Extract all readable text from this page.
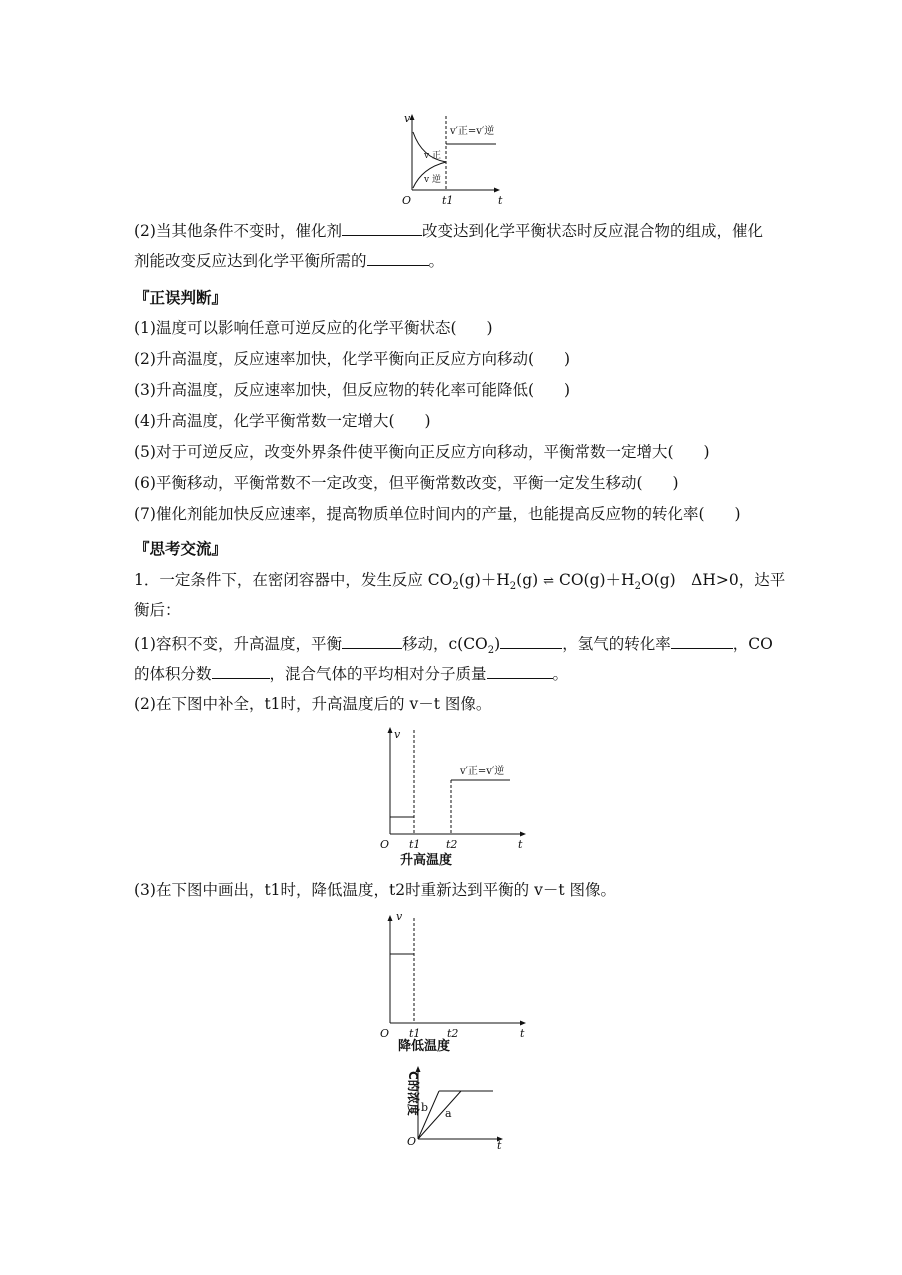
v
O	t
t1
v 正
v 逆
v′正=v′逆
(2)当其他条件不变时，催化剂	改变达到化学平衡状态时反应混合物的组成，催化
剂能改变反应达到化学平衡所需的	。
『正误判断』
(1)温度可以影响任意可逆反应的化学平衡状态( )
(2)升高温度，反应速率加快，化学平衡向正反应方向移动( )
(3)升高温度，反应速率加快，但反应物的转化率可能降低( )
(4)升高温度，化学平衡常数一定增大( )
(5)对于可逆反应，改变外界条件使平衡向正反应方向移动，平衡常数一定增大( )
(6)平衡移动，平衡常数不一定改变，但平衡常数改变，平衡一定发生移动( )
(7)催化剂能加快反应速率，提高物质单位时间内的产量，也能提高反应物的转化率( )
『思考交流』
1．一定条件下，在密闭容器中，发生反应 $CO_2(g)+H_2(g)$ ⇌ $CO(g)+H_2O(g)$　ΔH>0，达平
衡后：
(1)容积不变，升高温度，平衡	移动，$c(CO_2)$	，氢气的转化率	，CO
的体积分数	，混合气体的平均相对分子质量	。
(2)在下图中补全，t1时，升高温度后的 v－t 图像。
v
O	t
t1 t2
v′正=v′逆
升高温度
(3)在下图中画出，t1时，降低温度，t2时重新达到平衡的 v－t 图像。
v
O	t
t1 t2
降低温度
C的浓度
O	t
b a
